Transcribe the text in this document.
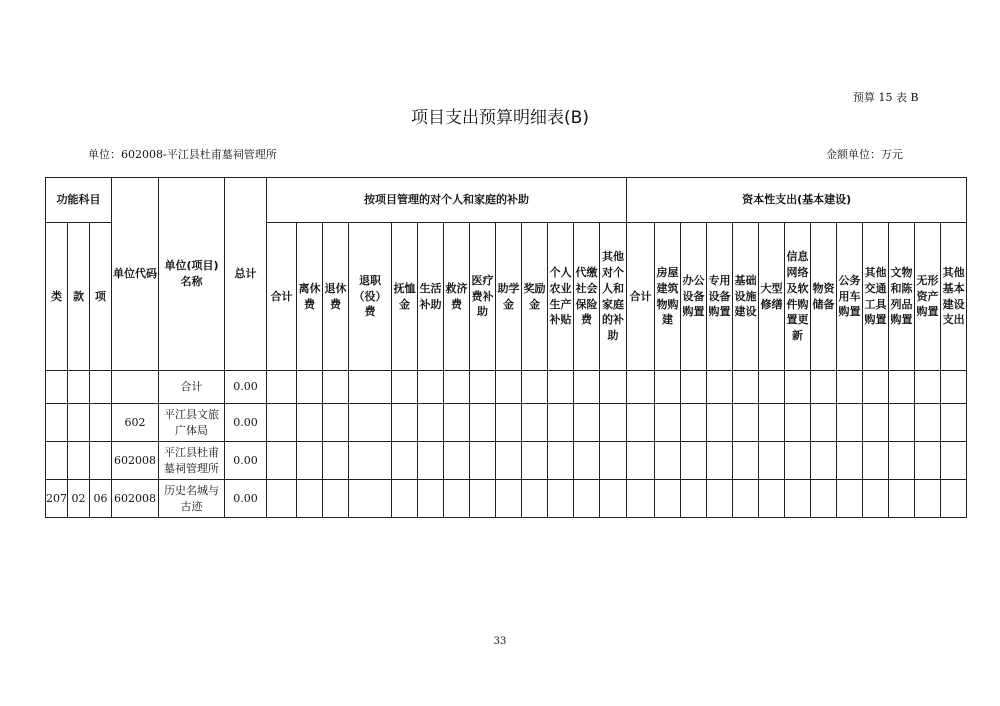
预算 15 表 B
项目支出预算明细表(B)
单位：602008-平江县杜甫墓祠管理所	金额单位：万元
功能科目			单位代码	单位(项目)名称	总计	按项目管理的对个人和家庭的补助													资本性支出(基本建设)												
类	款	项				合计	离休费	退休费	退职（役）费	抚恤金	生活补助	救济费	医疗费补助	助学金	奖励金	个人农业生产补贴	代缴社会保险费	其他对个人和家庭的补助	合计	房屋建筑物购建	办公设备购置	专用设备购置	基础设施建设	大型修缮	信息网络及软件购置更新	物资储备	公务用车购置	其他交通工具购置	文物和陈列品购置	无形资产购置	其他基本建设支出
				合计	0.00																										
			602	平江县文旅广体局	0.00																										
			602008	平江县杜甫墓祠管理所	0.00																										
207	02	06	602008	历史名城与古迹	0.00																										
33
